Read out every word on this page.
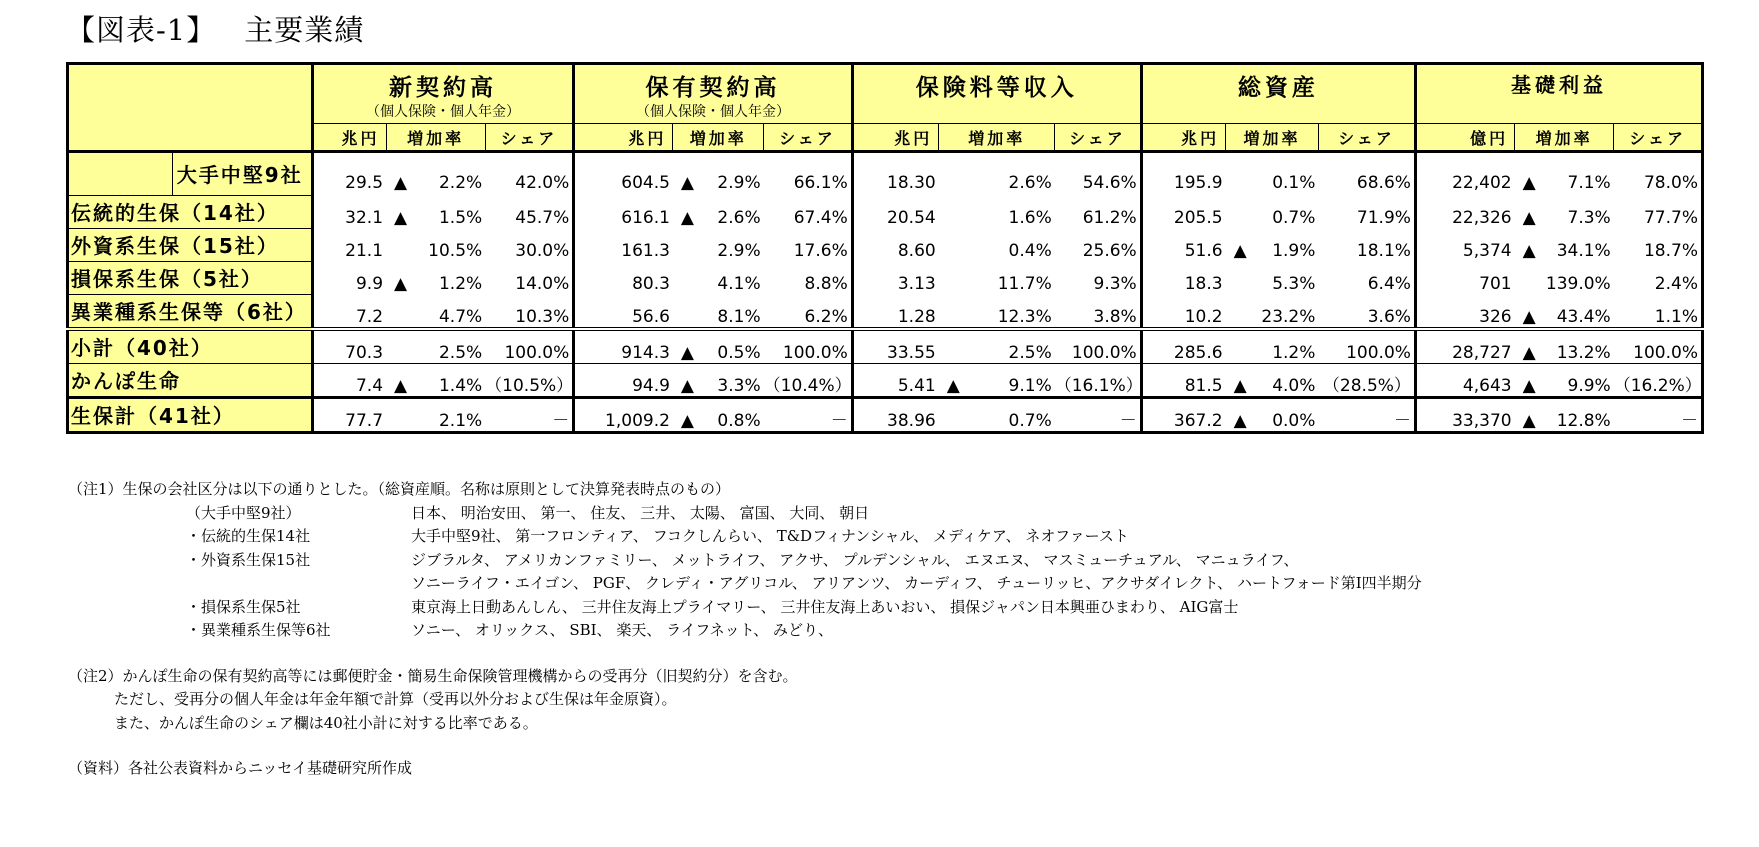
【図表-1】 主要業績

		新契約高
（個人保険・個人年金）			保有契約高
（個人保険・個人年金）			保険料等収入			総資産			基礎利益		

		兆円	増加率	シェア	兆円	増加率	シェア	兆円	増加率	シェア	兆円	増加率	シェア	億円	増加率	シェア
	大手中堅9社	29.5	▲ 2.2%	42.0%	604.5	▲ 2.9%	66.1%	18.30	2.6%	54.6%	195.9	0.1%	68.6%	22,402	▲ 7.1%	78.0%
伝統的生保（14社）		32.1	▲ 1.5%	45.7%	616.1	▲ 2.6%	67.4%	20.54	1.6%	61.2%	205.5	0.7%	71.9%	22,326	▲ 7.3%	77.7%
外資系生保（15社）		21.1	10.5%	30.0%	161.3	2.9%	17.6%	8.60	0.4%	25.6%	51.6	▲ 1.9%	18.1%	5,374	▲ 34.1%	18.7%
損保系生保（5社）		9.9	▲ 1.2%	14.0%	80.3	4.1%	8.8%	3.13	11.7%	9.3%	18.3	5.3%	6.4%	701	139.0%	2.4%
異業種系生保等（6社）		7.2	4.7%	10.3%	56.6	8.1%	6.2%	1.28	12.3%	3.8%	10.2	23.2%	3.6%	326	▲ 43.4%	1.1%
小計（40社）		70.3	2.5%	100.0%	914.3	▲ 0.5%	100.0%	33.55	2.5%	100.0%	285.6	1.2%	100.0%	28,727	▲ 13.2%	100.0%
かんぽ生命		7.4	▲ 1.4%	（10.5%）	94.9	▲ 3.3%	（10.4%）	5.41	▲ 9.1%	（16.1%）	81.5	▲ 4.0%	（28.5%）	4,643	▲ 9.9%	（16.2%）
生保計（41社）		77.7	2.1%	－	1,009.2	▲ 0.8%	－	38.96	0.7%	－	367.2	▲ 0.0%	－	33,370	▲ 12.8%	－
（注1）生保の会社区分は以下の通りとした。（総資産順。名称は原則として決算発表時点のもの）
（大手中堅9社）	日本、 明治安田、 第一、 住友、 三井、 太陽、 富国、 大同、 朝日
・伝統的生保14社	大手中堅9社、 第一フロンティア、 フコクしんらい、 T&Dフィナンシャル、 メディケア、 ネオファースト
・外資系生保15社	ジブラルタ、 アメリカンファミリー、 メットライフ、 アクサ、 プルデンシャル、 エヌエヌ、 マスミューチュアル、 マニュライフ、
ソニーライフ・エイゴン、 PGF、 クレディ・アグリコル、 アリアンツ、 カーディフ、 チューリッヒ、アクサダイレクト、 ハートフォード第Ⅰ四半期分
・損保系生保5社	東京海上日動あんしん、 三井住友海上プライマリー、 三井住友海上あいおい、 損保ジャパン日本興亜ひまわり、 AIG富士
・異業種系生保等6社	ソニー、 オリックス、 SBI、 楽天、 ライフネット、 みどり、
（注2）かんぽ生命の保有契約高等には郵便貯金・簡易生命保険管理機構からの受再分（旧契約分）を含む。
ただし、受再分の個人年金は年金年額で計算（受再以外分および生保は年金原資）。
また、かんぽ生命のシェア欄は40社小計に対する比率である。
（資料）各社公表資料からニッセイ基礎研究所作成
